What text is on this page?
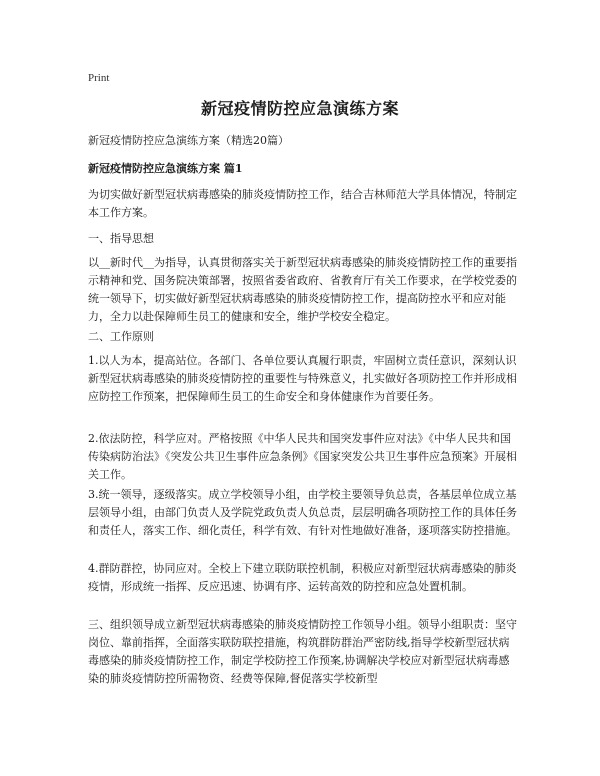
Print
新冠疫情防控应急演练方案
新冠疫情防控应急演练方案（精选20篇）
新冠疫情防控应急演练方案 篇1
为切实做好新型冠状病毒感染的肺炎疫情防控工作，结合吉林师范大学具体情况，特制定本工作方案。
一、指导思想
以__新时代__为指导，认真贯彻落实关于新型冠状病毒感染的肺炎疫情防控工作的重要指示精神和党、国务院决策部署，按照省委省政府、省教育厅有关工作要求，在学校党委的统一领导下，切实做好新型冠状病毒感染的肺炎疫情防控工作，提高防控水平和应对能力，全力以赴保障师生员工的健康和安全，维护学校安全稳定。
二、工作原则
1.以人为本，提高站位。各部门、各单位要认真履行职责，牢固树立责任意识，深刻认识新型冠状病毒感染的肺炎疫情防控的重要性与特殊意义，扎实做好各项防控工作并形成相应防控工作预案，把保障师生员工的生命安全和身体健康作为首要任务。
2.依法防控，科学应对。严格按照《中华人民共和国突发事件应对法》《中华人民共和国传染病防治法》《突发公共卫生事件应急条例》《国家突发公共卫生事件应急预案》开展相关工作。
3.统一领导，逐级落实。成立学校领导小组，由学校主要领导负总责，各基层单位成立基层领导小组，由部门负责人及学院党政负责人负总责，层层明确各项防控工作的具体任务和责任人，落实工作、细化责任，科学有效、有针对性地做好准备，逐项落实防控措施。
4.群防群控，协同应对。全校上下建立联防联控机制，积极应对新型冠状病毒感染的肺炎疫情，形成统一指挥、反应迅速、协调有序、运转高效的防控和应急处置机制。
三、组织领导成立新型冠状病毒感染的肺炎疫情防控工作领导小组。领导小组职责：坚守岗位、靠前指挥，全面落实联防联控措施，构筑群防群治严密防线,指导学校新型冠状病毒感染的肺炎疫情防控工作，制定学校防控工作预案,协调解决学校应对新型冠状病毒感染的肺炎疫情防控所需物资、经费等保障,督促落实学校新型
